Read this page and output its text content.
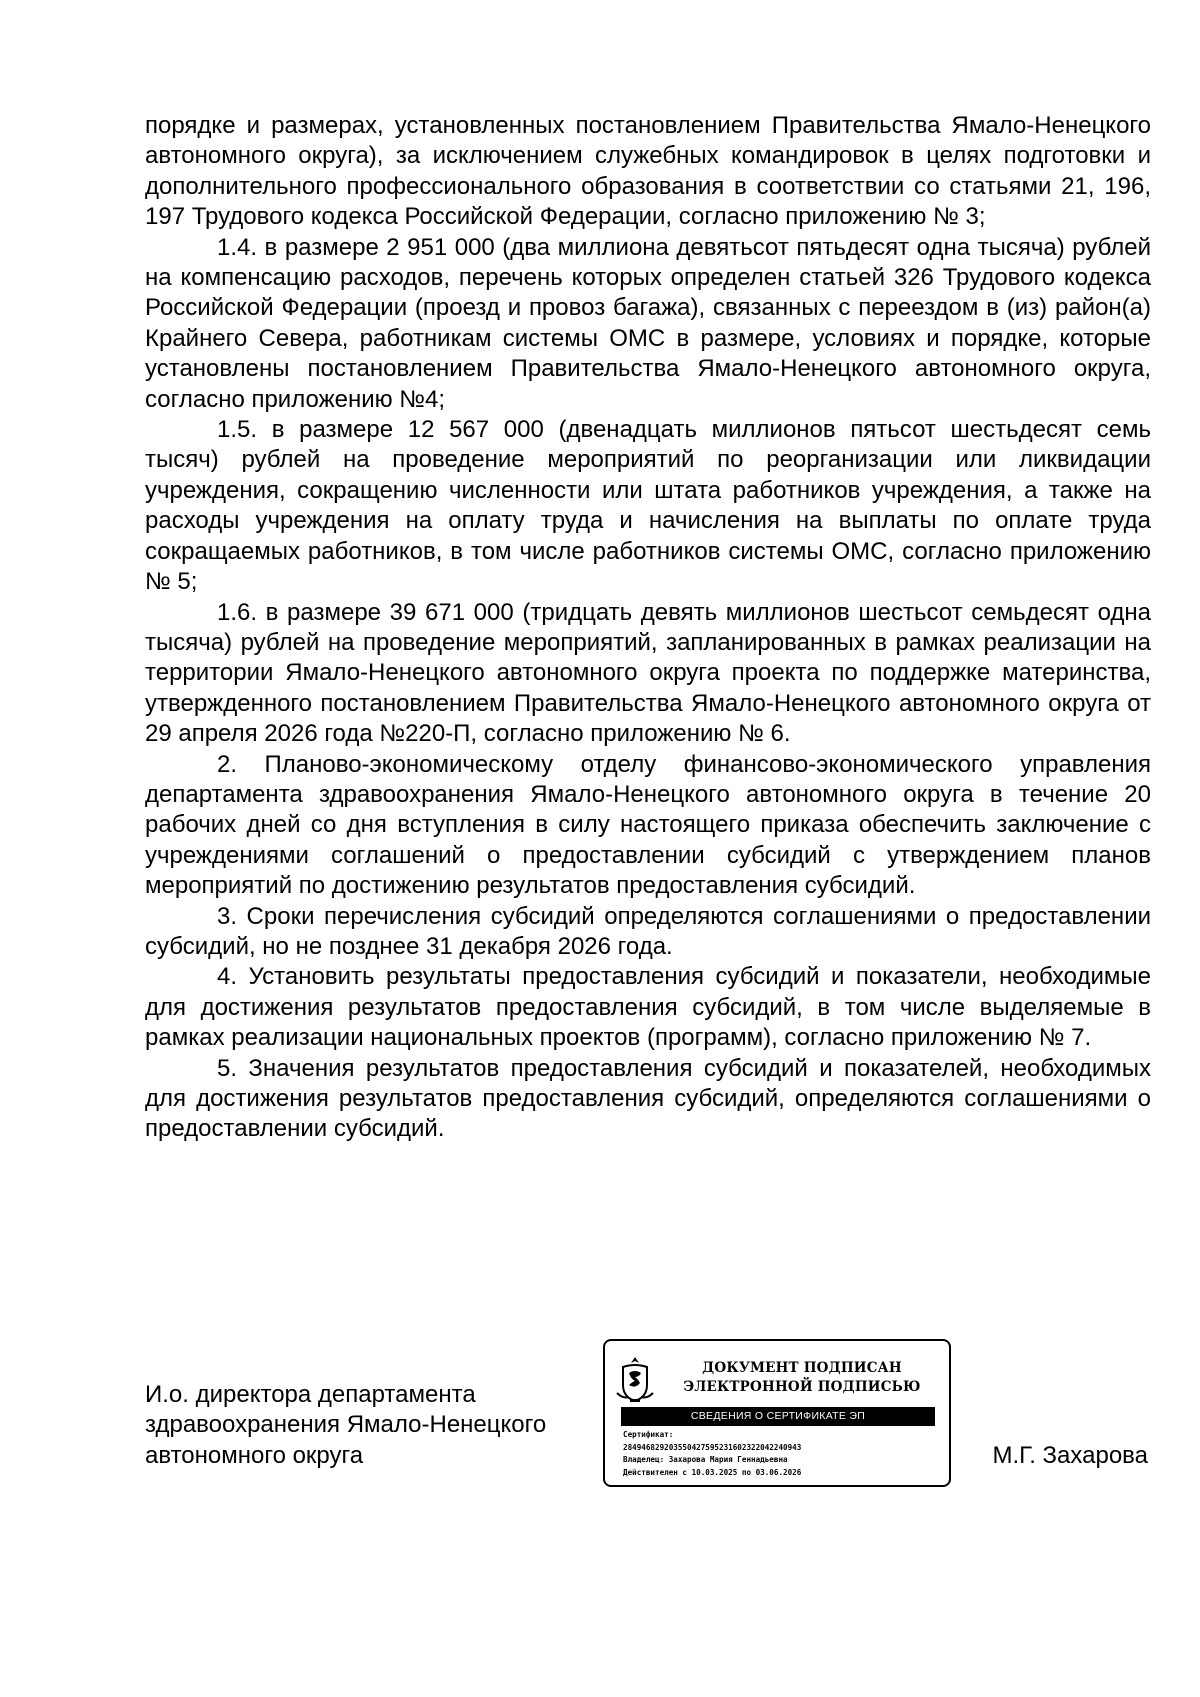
порядке и размерах, установленных постановлением Правительства Ямало-Ненецкого автономного округа), за исключением служебных командировок в целях подготовки и дополнительного профессионального образования в соответствии со статьями 21, 196, 197 Трудового кодекса Российской Федерации, согласно приложению № 3;

1.4. в размере 2 951 000 (два миллиона девятьсот пятьдесят одна тысяча) рублей на компенсацию расходов, перечень которых определен статьей 326 Трудового кодекса Российской Федерации (проезд и провоз багажа), связанных с переездом в (из) район(а) Крайнего Севера, работникам системы ОМС в размере, условиях и порядке, которые установлены постановлением Правительства Ямало-Ненецкого автономного округа, согласно приложению №4;

1.5. в размере 12 567 000 (двенадцать миллионов пятьсот шестьдесят семь тысяч) рублей на проведение мероприятий по реорганизации или ликвидации учреждения, сокращению численности или штата работников учреждения, а также на расходы учреждения на оплату труда и начисления на выплаты по оплате труда сокращаемых работников, в том числе работников системы ОМС, согласно приложению № 5;

1.6. в размере 39 671 000 (тридцать девять миллионов шестьсот семьдесят одна тысяча) рублей на проведение мероприятий, запланированных в рамках реализации на территории Ямало-Ненецкого автономного округа проекта по поддержке материнства, утвержденного постановлением Правительства Ямало-Ненецкого автономного округа от 29 апреля 2026 года №220-П, согласно приложению № 6.

2. Планово-экономическому отделу финансово-экономического управления департамента здравоохранения Ямало-Ненецкого автономного округа в течение 20 рабочих дней со дня вступления в силу настоящего приказа обеспечить заключение с учреждениями соглашений о предоставлении субсидий с утверждением планов мероприятий по достижению результатов предоставления субсидий.

3. Сроки перечисления субсидий определяются соглашениями о предоставлении субсидий, но не позднее 31 декабря 2026 года.

4. Установить результаты предоставления субсидий и показатели, необходимые для достижения результатов предоставления субсидий, в том числе выделяемые в рамках реализации национальных проектов (программ), согласно приложению № 7.

5. Значения результатов предоставления субсидий и показателей, необходимых для достижения результатов предоставления субсидий, определяются соглашениями о предоставлении субсидий.

И.о. директора департамента
здравоохранения Ямало-Ненецкого
автономного округа
ДОКУМЕНТ ПОДПИСАН
ЭЛЕКТРОННОЙ ПОДПИСЬЮ
СВЕДЕНИЯ О СЕРТИФИКАТЕ ЭП
Сертификат:
2849468292035504275952316023220422409​43
Владелец: Захарова Мария Геннадьевна
Действителен с 10.03.2025 по 03.06.2026
М.Г. Захарова
